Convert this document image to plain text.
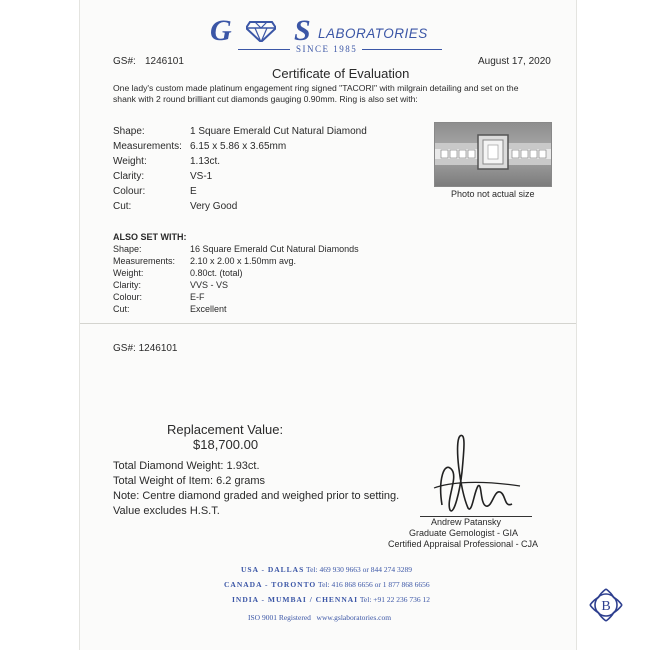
G S LABORATORIES
SINCE 1985
GS#: 1246101	August 17, 2020
Certificate of Evaluation
One lady's custom made platinum engagement ring signed "TACORI" with milgrain detailing and set on the shank with 2 round brilliant cut diamonds gauging 0.90mm. Ring is also set with:
Shape:	1 Square Emerald Cut Natural Diamond
Measurements: 6.15 x 5.86 x 3.65mm
Weight:	1.13ct.
Clarity:	VS-1
Colour:	E
Cut:	Very Good
Photo not actual size
ALSO SET WITH:
Shape:	16 Square Emerald Cut Natural Diamonds
Measurements: 2.10 x 2.00 x 1.50mm avg.
Weight:	0.80ct. (total)
Clarity:	VVS - VS
Colour:	E-F
Cut:	Excellent
GS#: 1246101
Replacement Value:
$18,700.00
Total Diamond Weight: 1.93ct.
Total Weight of Item: 6.2 grams
Note: Centre diamond graded and weighed prior to setting.
Value excludes H.S.T.
Andrew Patansky
Graduate Gemologist - GIA
Certified Appraisal Professional - CJA
USA - DALLAS Tel: 469 930 9663 or 844 274 3289
CANADA - TORONTO Tel: 416 868 6656 or 1 877 868 6656
INDIA - MUMBAI / CHENNAI Tel: +91 22 236 736 12
ISO 9001 Registered www.gslaboratories.com
B
